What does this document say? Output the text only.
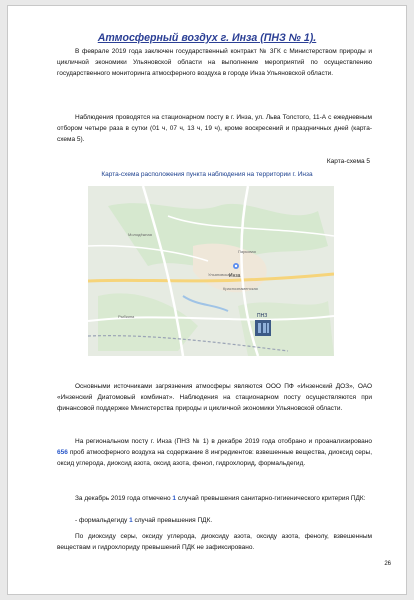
Атмосферный воздух г. Инза (ПНЗ № 1).
В феврале 2019 года заключен государственный контракт № 3ГК с Министерством природы и цикличной экономики Ульяновской области на выполнение мероприятий по осуществлению государственного мониторинга атмосферного воздуха в городе Инза Ульяновской области.
Наблюдения проводятся на стационарном посту в г. Инза, ул. Льва Толстого, 11-А с ежедневным отбором четыре раза в сутки (01 ч, 07 ч, 13 ч, 19 ч), кроме воскресений и праздничных дней (карта-схема 5).
Карта-схема 5
Карта-схема расположения пункта наблюдения на территории г. Инза
Парковая
Молодёжная
Ульяновская
Краснознаменская
Рыбкина
Инза
ПНЗ
Основными источниками загрязнения атмосферы являются ООО ПФ «Инзенский ДОЗ», ОАО «Инзенский Диатомовый комбинат». Наблюдения на стационарном посту осуществляются при финансовой поддержке Министерства природы и цикличной экономики Ульяновской области.
На региональном посту г. Инза (ПНЗ № 1) в декабре 2019 года отобрано и проанализировано 656 проб атмосферного воздуха на содержание 8 ингредиентов: взвешенные вещества, диоксид серы, оксид углерода, диоксид азота, оксид азота, фенол, гидрохлорид, формальдегид.
За декабрь 2019 года отмечено 1 случай превышения санитарно-гигиенического критерия ПДК:
- формальдегиду 1 случай превышения ПДК.
По диоксиду серы, оксиду углерода, диоксиду азота, оксиду азота, фенолу, взвешенным веществам и гидрохлориду превышений ПДК не зафиксировано.
26
